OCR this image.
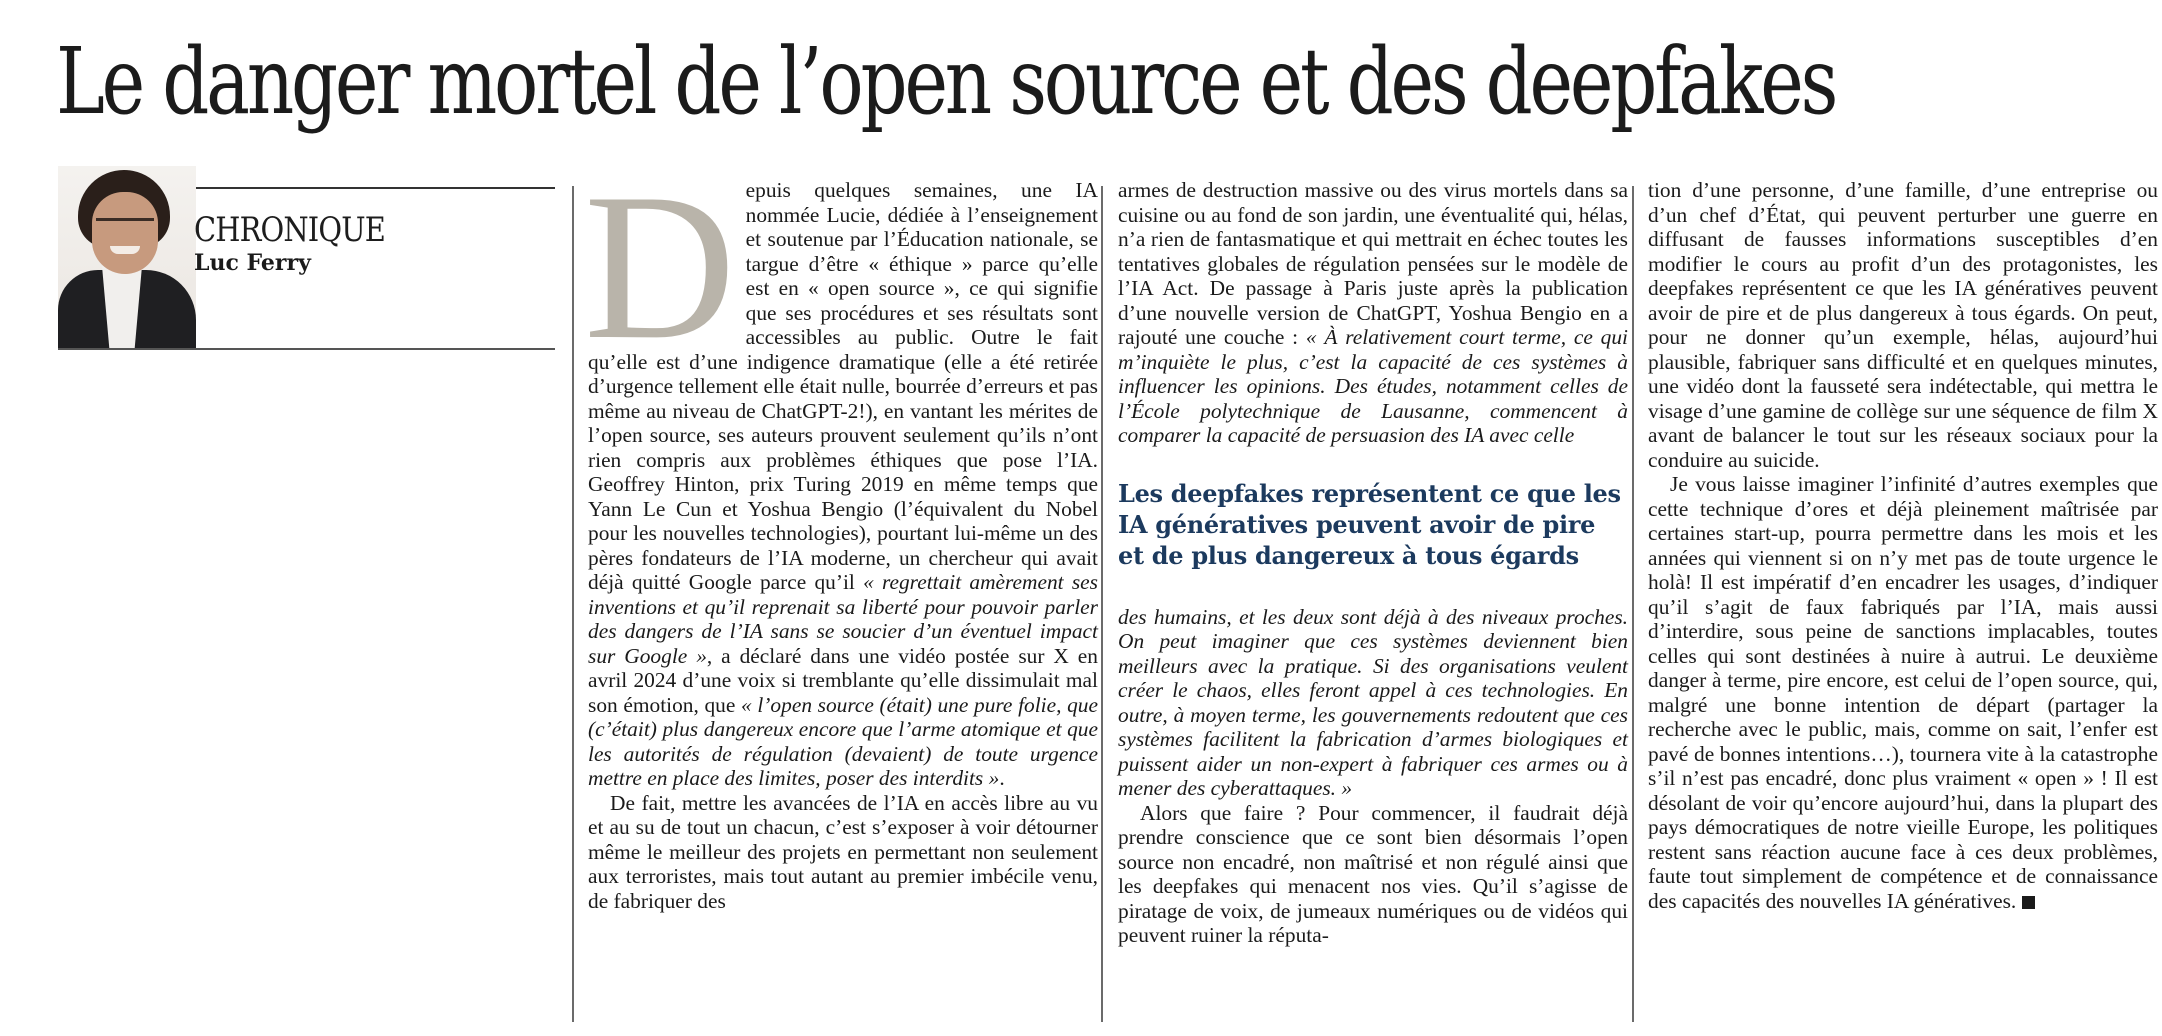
Le danger mortel de l’open source et des deepfakes
CHRONIQUE
Luc Ferry Depuis quelques semaines, une IA nommée Lucie, dédiée à l’enseignement et soutenue par l’Éducation nationale, se targue d’être « éthique » parce qu’elle est en « open source », ce qui signifie que ses procédures et ses résultats sont accessibles au public. Outre le fait qu’elle est d’une indigence dramatique (elle a été retirée d’urgence tellement elle était nulle, bourrée d’erreurs et pas même au niveau de ChatGPT-2!), en vantant les mérites de l’open source, ses auteurs prouvent seulement qu’ils n’ont rien compris aux problèmes éthiques que pose l’IA. Geoffrey Hinton, prix Turing 2019 en même temps que Yann Le Cun et Yoshua Bengio (l’équivalent du Nobel pour les nouvelles technologies), pourtant lui-même un des pères fondateurs de l’IA moderne, un chercheur qui avait déjà quitté Google parce qu’il « regrettait amèrement ses inventions et qu’il reprenait sa liberté pour pouvoir parler des dangers de l’IA sans se soucier d’un éventuel impact sur Google », a déclaré dans une vidéo postée sur X en avril 2024 d’une voix si tremblante qu’elle dissimulait mal son émotion, que « l’open source (était) une pure folie, que (c’était) plus dangereux encore que l’arme atomique et que les autorités de régulation (devaient) de toute urgence mettre en place des limites, poser des interdits ».

De fait, mettre les avancées de l’IA en accès libre au vu et au su de tout un chacun, c’est s’exposer à voir détourner même le meilleur des projets en permettant non seulement aux terroristes, mais tout autant au premier imbécile venu, de fabriquer des

armes de destruction massive ou des virus mortels dans sa cuisine ou au fond de son jardin, une éventualité qui, hélas, n’a rien de fantasmatique et qui mettrait en échec toutes les tentatives globales de régulation pensées sur le modèle de l’IA Act. De passage à Paris juste après la publication d’une nouvelle version de ChatGPT, Yoshua Bengio en a rajouté une couche : « À relativement court terme, ce qui m’inquiète le plus, c’est la capacité de ces systèmes à influencer les opinions. Des études, notamment celles de l’École polytechnique de Lausanne, commencent à comparer la capacité de persuasion des IA avec celle

Les deepfakes représentent ce que les IA génératives peuvent avoir de pire et de plus dangereux à tous égards

des humains, et les deux sont déjà à des niveaux proches. On peut imaginer que ces systèmes deviennent bien meilleurs avec la pratique. Si des organisations veulent créer le chaos, elles feront appel à ces technologies. En outre, à moyen terme, les gouvernements redoutent que ces systèmes facilitent la fabrication d’armes biologiques et puissent aider un non-expert à fabriquer ces armes ou à mener des cyberattaques. »

Alors que faire ? Pour commencer, il faudrait déjà prendre conscience que ce sont bien désormais l’open source non encadré, non maîtrisé et non régulé ainsi que les deepfakes qui menacent nos vies. Qu’il s’agisse de piratage de voix, de jumeaux numériques ou de vidéos qui peuvent ruiner la réputa-

tion d’une personne, d’une famille, d’une entreprise ou d’un chef d’État, qui peuvent perturber une guerre en diffusant de fausses informations susceptibles d’en modifier le cours au profit d’un des protagonistes, les deepfakes représentent ce que les IA génératives peuvent avoir de pire et de plus dangereux à tous égards. On peut, pour ne donner qu’un exemple, hélas, aujourd’hui plausible, fabriquer sans difficulté et en quelques minutes, une vidéo dont la fausseté sera indétectable, qui mettra le visage d’une gamine de collège sur une séquence de film X avant de balancer le tout sur les réseaux sociaux pour la conduire au suicide.

Je vous laisse imaginer l’infinité d’autres exemples que cette technique d’ores et déjà pleinement maîtrisée par certaines start-up, pourra permettre dans les mois et les années qui viennent si on n’y met pas de toute urgence le holà! Il est impératif d’en encadrer les usages, d’indiquer qu’il s’agit de faux fabriqués par l’IA, mais aussi d’interdire, sous peine de sanctions implacables, toutes celles qui sont destinées à nuire à autrui. Le deuxième danger à terme, pire encore, est celui de l’open source, qui, malgré une bonne intention de départ (partager la recherche avec le public, mais, comme on sait, l’enfer est pavé de bonnes intentions…), tournera vite à la catastrophe s’il n’est pas encadré, donc plus vraiment « open » ! Il est désolant de voir qu’encore aujourd’hui, dans la plupart des pays démocratiques de notre vieille Europe, les politiques restent sans réaction aucune face à ces deux problèmes, faute tout simplement de compétence et de connaissance des capacités des nouvelles IA génératives.
